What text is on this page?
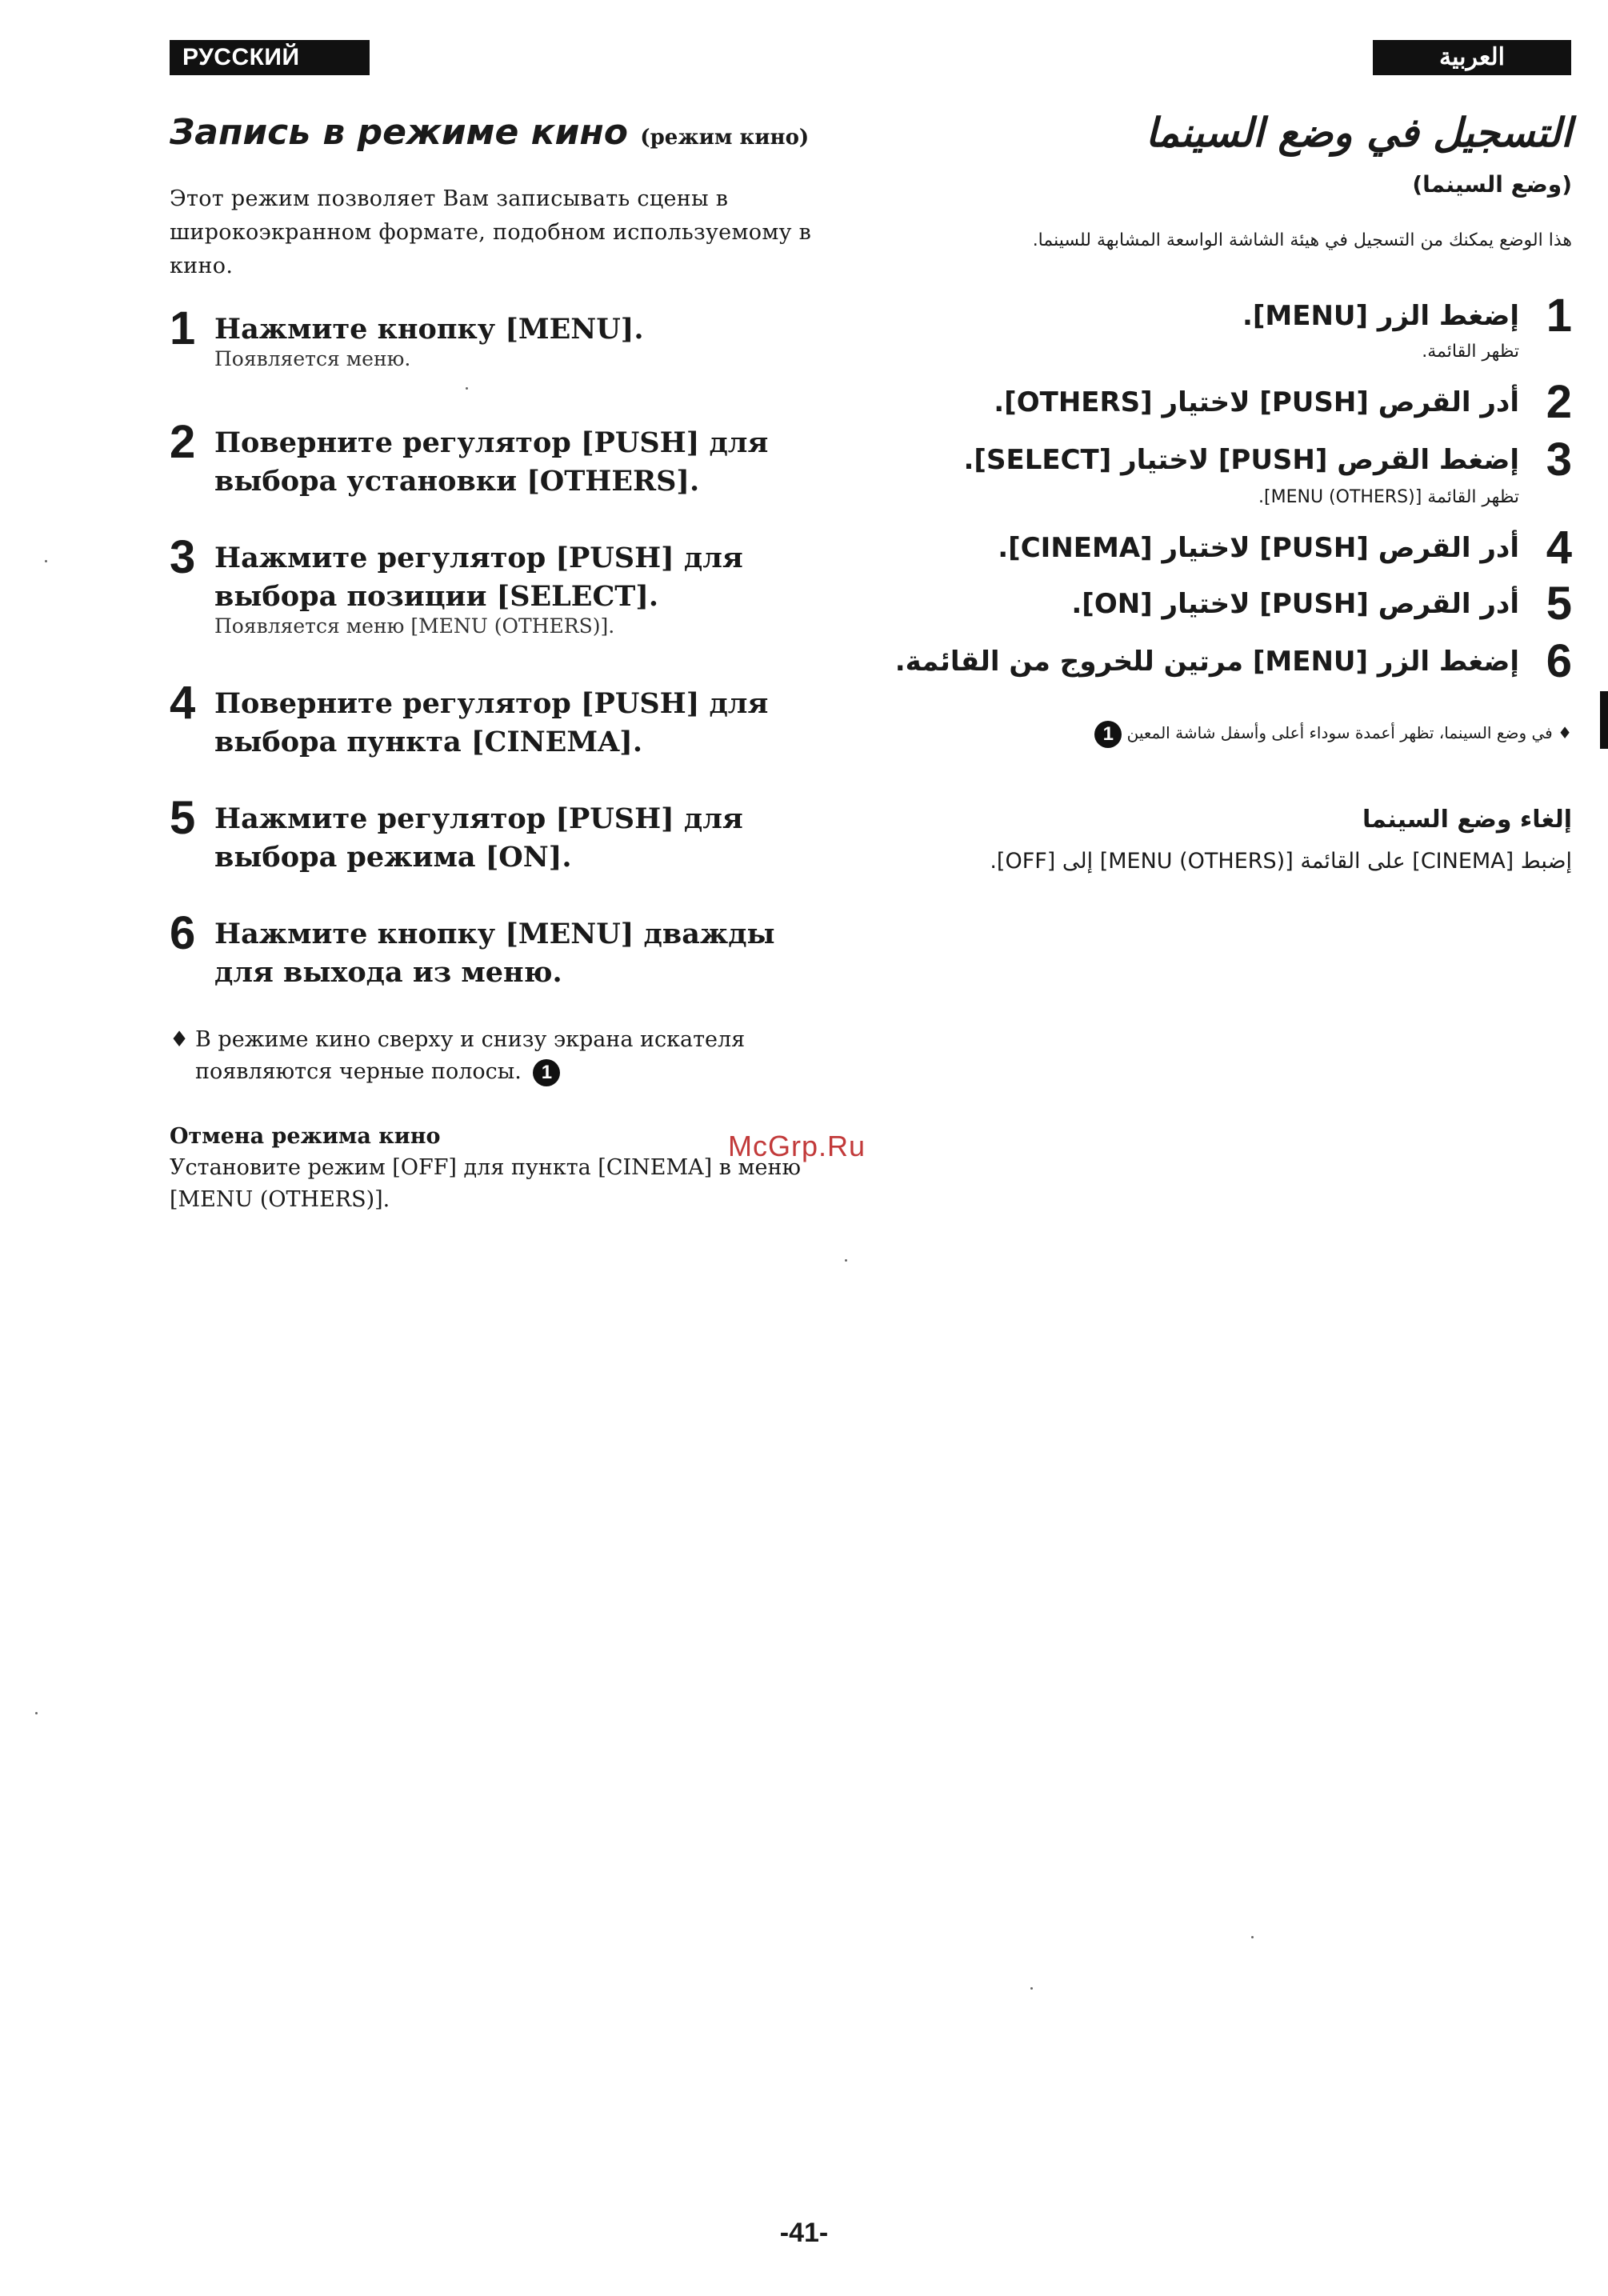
РУССКИЙ ЯЗЫК
العربية
Запись в режиме кино (режим кино)
Этот режим позволяет Вам записывать сцены в широкоэкранном формате, подобном используемому в кино.
1 Нажмите кнопку [MENU].
Появляется меню.
2 Поверните регулятор [PUSH] для выбора установки [OTHERS].
3 Нажмите регулятор [PUSH] для выбора позиции [SELECT].
Появляется меню [MENU (OTHERS)].
4 Поверните регулятор [PUSH] для выбора пункта [CINEMA].
5 Нажмите регулятор [PUSH] для выбора режима [ON].
6 Нажмите кнопку [MENU] дважды для выхода из меню.
♦ В режиме кино сверху и снизу экрана искателя появляются черные полосы. 1
Отмена режима кино
Установите режим [OFF] для пункта [CINEMA] в меню [MENU (OTHERS)].
التسجيل في وضع السينما
(وضع السينما)
هذا الوضع يمكنك من التسجيل في هيئة الشاشة الواسعة المشابهة للسينما.
1
إضغط الزر [MENU].
تظهر القائمة.
2
أدر القرص [PUSH] لاختيار [OTHERS].
3
إضغط القرص [PUSH] لاختيار [SELECT].
تظهر القائمة [MENU (OTHERS)].
4
أدر القرص [PUSH] لاختيار [CINEMA].
5
أدر القرص [PUSH] لاختيار [ON].
6
إضغط الزر [MENU] مرتين للخروج من القائمة.
♦ في وضع السينما، تظهر أعمدة سوداء أعلى وأسفل شاشة المعين 1
إلغاء وضع السينما
إضبط [CINEMA] على القائمة [MENU (OTHERS)] إلى [OFF].
McGrp.Ru
-41-
